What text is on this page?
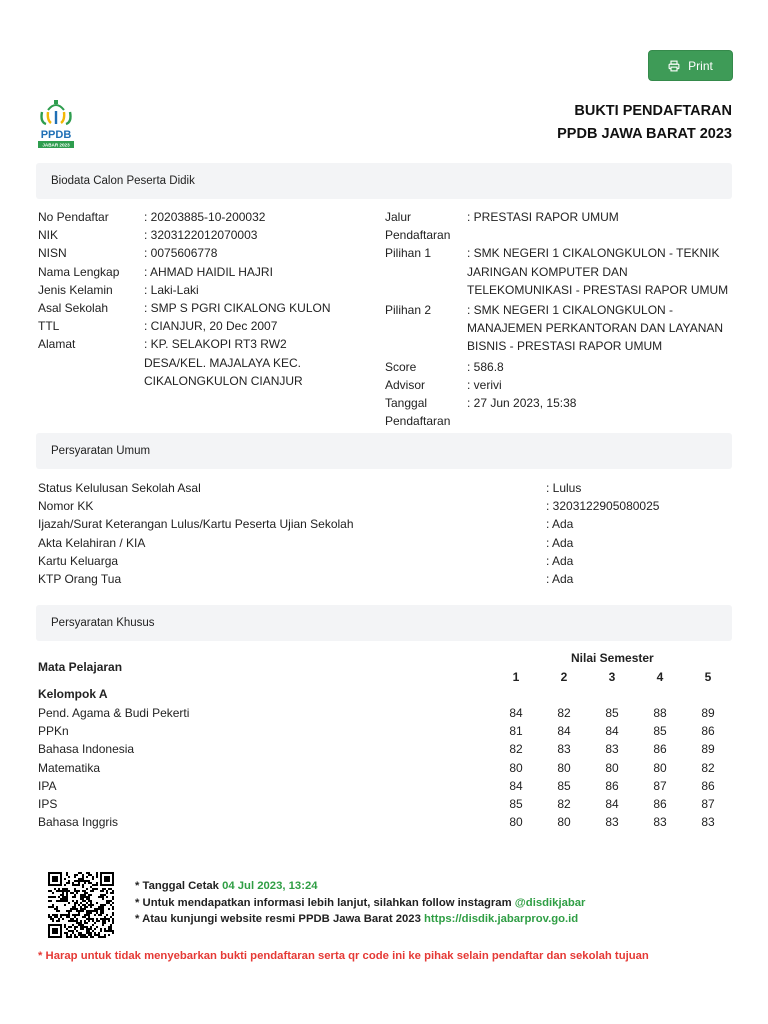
Print
PPDB
JABAR 2023
BUKTI PENDAFTARAN
PPDB JAWA BARAT 2023
Biodata Calon Peserta Didik
No Pendaftar	: 20203885-10-200032
NIK	: 3203122012070003
NISN	: 0075606778
Nama Lengkap	: AHMAD HAIDIL HAJRI
Jenis Kelamin	: Laki-Laki
Asal Sekolah	: SMP S PGRI CIKALONG KULON
TTL	: CIANJUR, 20 Dec 2007
Alamat	: KP. SELAKOPI RT3 RW2 DESA/KEL. MAJALAYA KEC. CIKALONGKULON CIANJUR
Jalur Pendaftaran
: PRESTASI RAPOR UMUM
Pilihan 1	: SMK NEGERI 1 CIKALONGKULON - TEKNIK JARINGAN KOMPUTER DAN TELEKOMUNIKASI - PRESTASI RAPOR UMUM
Pilihan 2	: SMK NEGERI 1 CIKALONGKULON - MANAJEMEN PERKANTORAN DAN LAYANAN BISNIS - PRESTASI RAPOR UMUM
Score	: 586.8
Advisor	: verivi
Tanggal Pendaftaran
: 27 Jun 2023, 15:38
Persyaratan Umum
Status Kelulusan Sekolah Asal	: Lulus
Nomor KK	: 3203122905080025
Ijazah/Surat Keterangan Lulus/Kartu Peserta Ujian Sekolah	: Ada
Akta Kelahiran / KIA	: Ada
Kartu Keluarga	: Ada
KTP Orang Tua	: Ada
Persyaratan Khusus
Mata Pelajaran
Nilai Semester
1	2	3	4	5
Kelompok A
Pend. Agama & Budi Pekerti	84	82	85	88	89
PPKn	81	84	84	85	86
Bahasa Indonesia	82	83	83	86	89
Matematika	80	80	80	80	82
IPA	84	85	86	87	86
IPS	85	82	84	86	87
Bahasa Inggris	80	80	83	83	83
* Tanggal Cetak 04 Jul 2023, 13:24
* Untuk mendapatkan informasi lebih lanjut, silahkan follow instagram @disdikjabar
* Atau kunjungi website resmi PPDB Jawa Barat 2023 https://disdik.jabarprov.go.id
* Harap untuk tidak menyebarkan bukti pendaftaran serta qr code ini ke pihak selain pendaftar dan sekolah tujuan
